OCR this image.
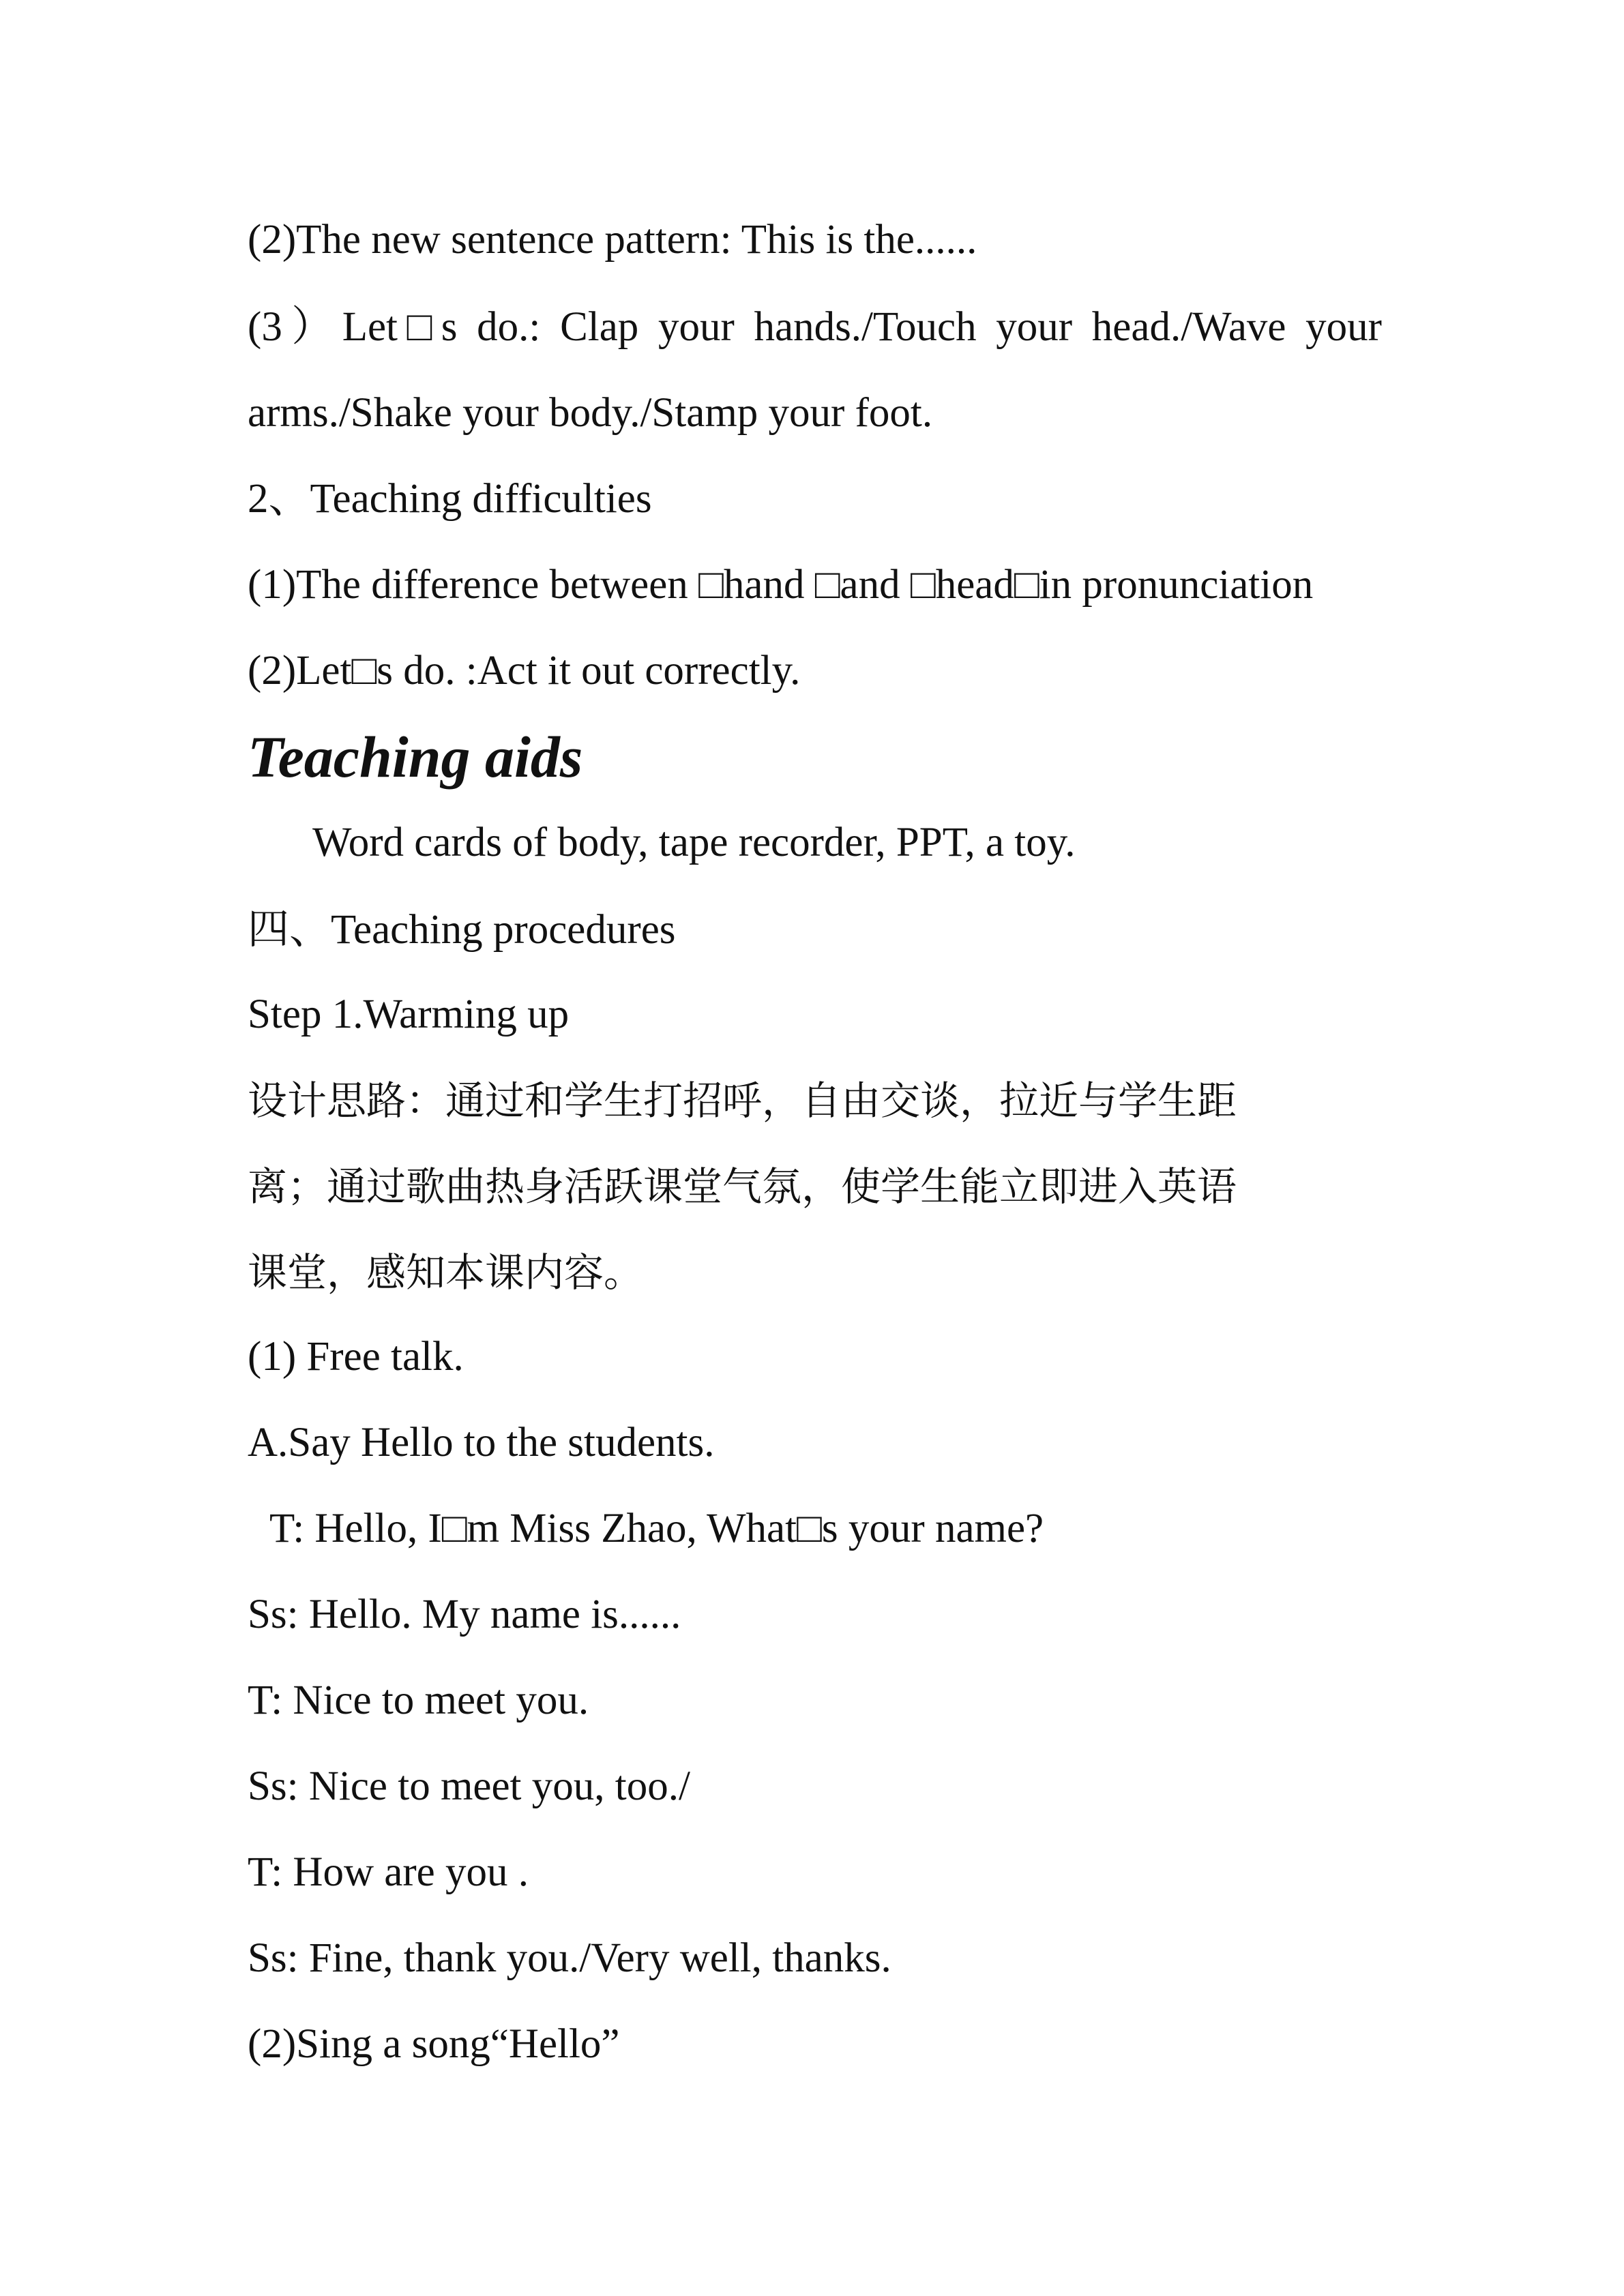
(2)The new sentence pattern: This is the......
(3）Let□s do.: Clap your hands./Touch your head./Wave your
arms./Shake your body./Stamp your foot.
2、Teaching difficulties
(1)The difference between □hand □and □head□in pronunciation
(2)Let□s do. :Act it out correctly.
Teaching aids
Word cards of body, tape recorder, PPT, a toy.
四、Teaching procedures
Step 1.Warming up
设计思路：通过和学生打招呼，自由交谈，拉近与学生距
离；通过歌曲热身活跃课堂气氛，使学生能立即进入英语
课堂，感知本课内容。
(1) Free talk.
A.Say Hello to the students.
T: Hello, I□m Miss Zhao, What□s your name?
Ss: Hello. My name is......
T: Nice to meet you.
Ss: Nice to meet you, too./
T: How are you .
Ss: Fine, thank you./Very well, thanks.
(2)Sing a song“Hello”
